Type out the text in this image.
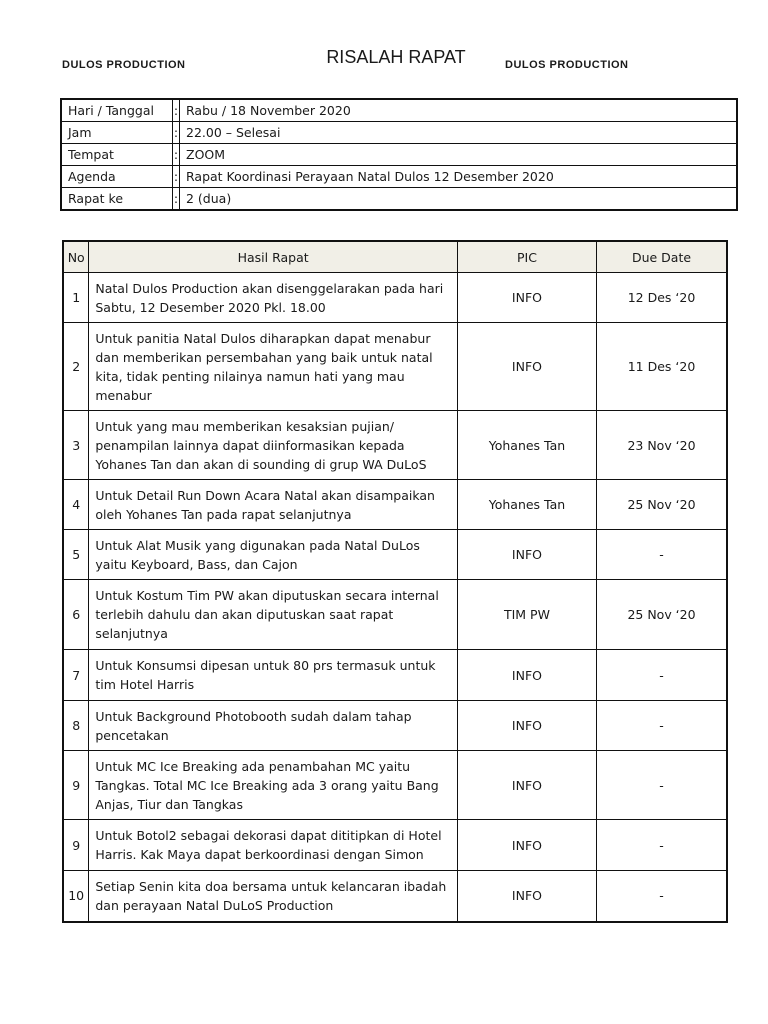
DULOS PRODUCTION	RISALAH RAPAT	DULOS PRODUCTION
Hari / Tanggal	:	Rabu / 18 November 2020
Jam	:	22.00 – Selesai
Tempat	:	ZOOM
Agenda	:	Rapat Koordinasi Perayaan Natal Dulos 12 Desember 2020
Rapat ke	:	2 (dua)
No	Hasil Rapat	PIC	Due Date
1	Natal Dulos Production akan disenggelarakan pada hari Sabtu, 12 Desember 2020 Pkl. 18.00	INFO	12 Des ‘20
2	Untuk panitia Natal Dulos diharapkan dapat menabur dan memberikan persembahan yang baik untuk natal kita, tidak penting nilainya namun hati yang mau menabur	INFO	11 Des ‘20
3	Untuk yang mau memberikan kesaksian pujian/ penampilan lainnya dapat diinformasikan kepada Yohanes Tan dan akan di sounding di grup WA DuLoS	Yohanes Tan	23 Nov ‘20
4	Untuk Detail Run Down Acara Natal akan disampaikan oleh Yohanes Tan pada rapat selanjutnya	Yohanes Tan	25 Nov ‘20
5	Untuk Alat Musik yang digunakan pada Natal DuLos yaitu Keyboard, Bass, dan Cajon	INFO	-
6	Untuk Kostum Tim PW akan diputuskan secara internal terlebih dahulu dan akan diputuskan saat rapat selanjutnya	TIM PW	25 Nov ‘20
7	Untuk Konsumsi dipesan untuk 80 prs termasuk untuk tim Hotel Harris	INFO	-
8	Untuk Background Photobooth sudah dalam tahap pencetakan	INFO	-
9	Untuk MC Ice Breaking ada penambahan MC yaitu Tangkas. Total MC Ice Breaking ada 3 orang yaitu Bang Anjas, Tiur dan Tangkas	INFO	-
9	Untuk Botol2 sebagai dekorasi dapat dititipkan di Hotel Harris. Kak Maya dapat berkoordinasi dengan Simon	INFO	-
10	Setiap Senin kita doa bersama untuk kelancaran ibadah dan perayaan Natal DuLoS Production	INFO	-
